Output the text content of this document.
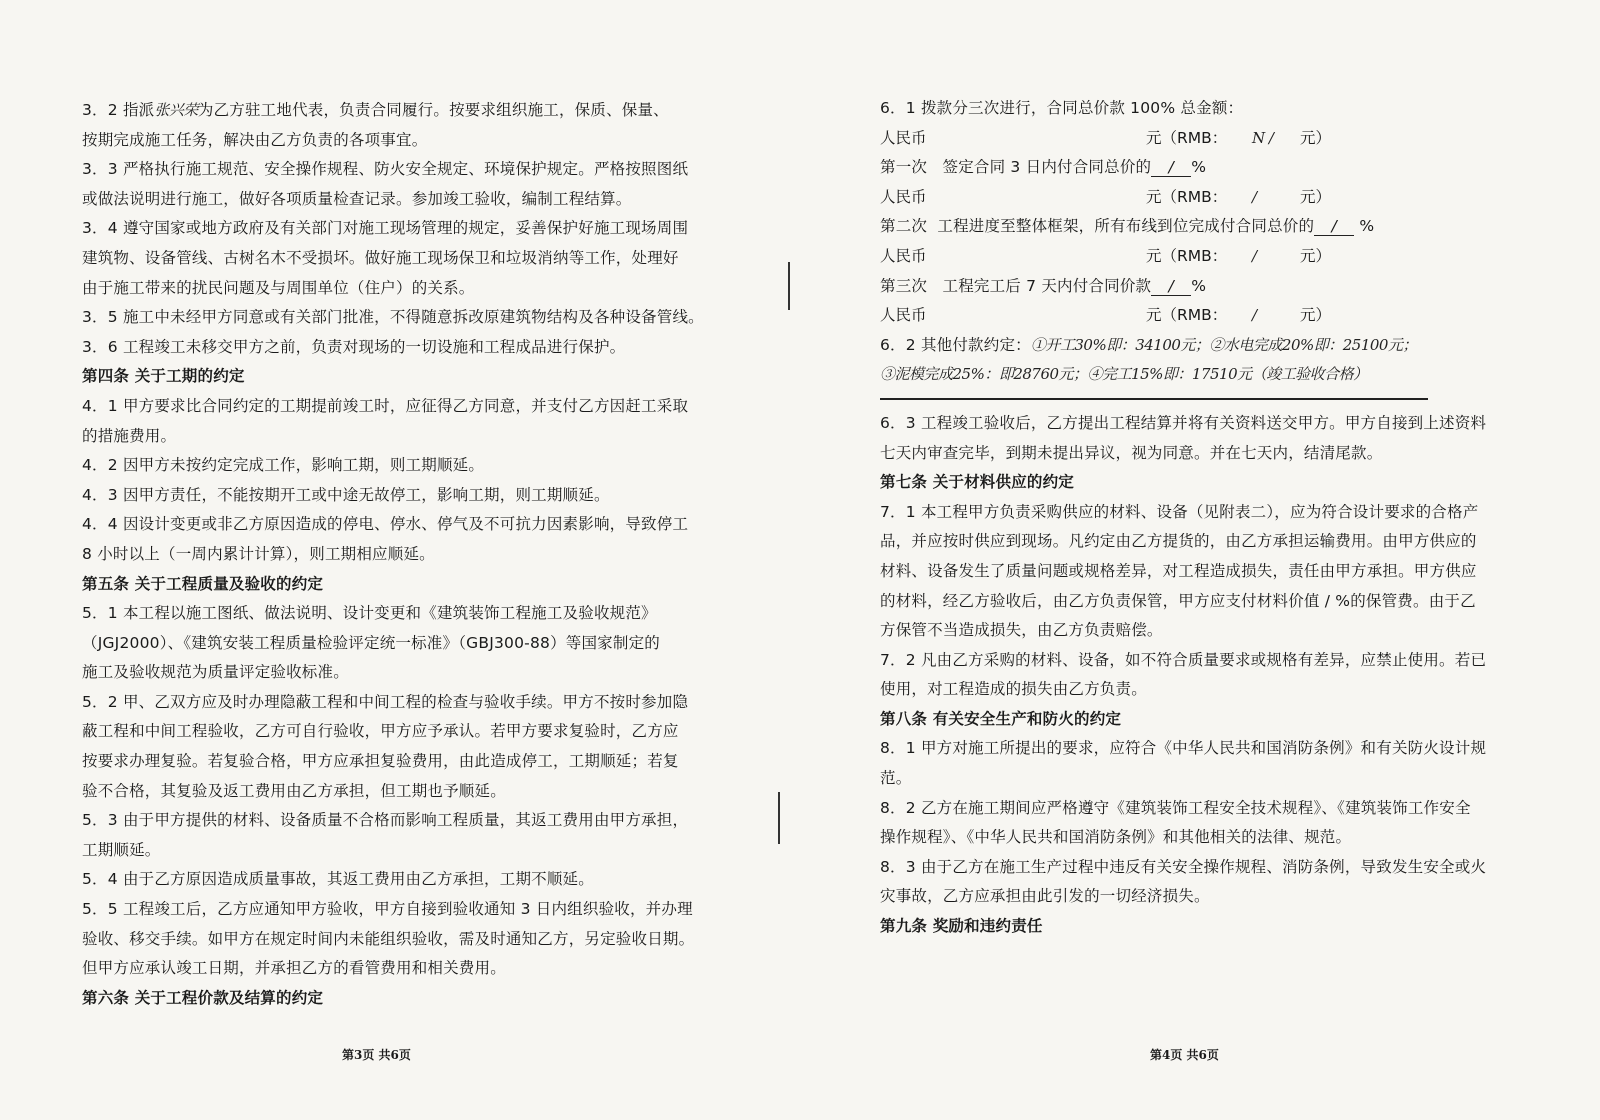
3．2 指派张兴荣为乙方驻工地代表，负责合同履行。按要求组织施工，保质、保量、
按期完成施工任务，解决由乙方负责的各项事宜。
3．3 严格执行施工规范、安全操作规程、防火安全规定、环境保护规定。严格按照图纸
或做法说明进行施工，做好各项质量检查记录。参加竣工验收，编制工程结算。
3．4 遵守国家或地方政府及有关部门对施工现场管理的规定，妥善保护好施工现场周围
建筑物、设备管线、古树名木不受损坏。做好施工现场保卫和垃圾消纳等工作，处理好
由于施工带来的扰民问题及与周围单位（住户）的关系。
3．5 施工中未经甲方同意或有关部门批准，不得随意拆改原建筑物结构及各种设备管线。
3．6 工程竣工未移交甲方之前，负责对现场的一切设施和工程成品进行保护。
第四条 关于工期的约定
4．1 甲方要求比合同约定的工期提前竣工时，应征得乙方同意，并支付乙方因赶工采取
的措施费用。
4．2 因甲方未按约定完成工作，影响工期，则工期顺延。
4．3 因甲方责任，不能按期开工或中途无故停工，影响工期，则工期顺延。
4．4 因设计变更或非乙方原因造成的停电、停水、停气及不可抗力因素影响，导致停工
8 小时以上（一周内累计计算），则工期相应顺延。
第五条 关于工程质量及验收的约定
5．1 本工程以施工图纸、做法说明、设计变更和《建筑装饰工程施工及验收规范》
（JGJ2000）、《建筑安装工程质量检验评定统一标准》（GBJ300-88）等国家制定的
施工及验收规范为质量评定验收标准。
5．2 甲、乙双方应及时办理隐蔽工程和中间工程的检查与验收手续。甲方不按时参加隐
蔽工程和中间工程验收，乙方可自行验收，甲方应予承认。若甲方要求复验时，乙方应
按要求办理复验。若复验合格，甲方应承担复验费用，由此造成停工，工期顺延；若复
验不合格，其复验及返工费用由乙方承担，但工期也予顺延。
5．3 由于甲方提供的材料、设备质量不合格而影响工程质量，其返工费用由甲方承担，
工期顺延。
5．4 由于乙方原因造成质量事故，其返工费用由乙方承担，工期不顺延。
5．5 工程竣工后，乙方应通知甲方验收，甲方自接到验收通知 3 日内组织验收，并办理
验收、移交手续。如甲方在规定时间内未能组织验收，需及时通知乙方，另定验收日期。
但甲方应承认竣工日期，并承担乙方的看管费用和相关费用。
第六条 关于工程价款及结算的约定
第3页 共6页
6．1 拨款分三次进行，合同总价款 100% 总金额：
人民币	元（RMB： N / 元）
第一次 签定合同 3 日内付合同总价的 / %
人民币	元（RMB： /	元）
第二次 工程进度至整体框架，所有布线到位完成付合同总价的 / %
人民币	元（RMB： /	元）
第三次 工程完工后 7 天内付合同价款 / %
人民币	元（RMB： /	元）
6．2 其他付款约定：①开工30%即：34100元；②水电完成20%即：25100元；
③泥模完成25%：即28760元；④完工15%即：17510元（竣工验收合格）
6．3 工程竣工验收后，乙方提出工程结算并将有关资料送交甲方。甲方自接到上述资料
七天内审查完毕，到期未提出异议，视为同意。并在七天内，结清尾款。
第七条 关于材料供应的约定
7．1 本工程甲方负责采购供应的材料、设备（见附表二），应为符合设计要求的合格产
品，并应按时供应到现场。凡约定由乙方提货的，由乙方承担运输费用。由甲方供应的
材料、设备发生了质量问题或规格差异，对工程造成损失，责任由甲方承担。甲方供应
的材料，经乙方验收后，由乙方负责保管，甲方应支付材料价值 / %的保管费。由于乙
方保管不当造成损失，由乙方负责赔偿。
7．2 凡由乙方采购的材料、设备，如不符合质量要求或规格有差异，应禁止使用。若已
使用，对工程造成的损失由乙方负责。
第八条 有关安全生产和防火的约定
8．1 甲方对施工所提出的要求，应符合《中华人民共和国消防条例》和有关防火设计规
范。
8．2 乙方在施工期间应严格遵守《建筑装饰工程安全技术规程》、《建筑装饰工作安全
操作规程》、《中华人民共和国消防条例》和其他相关的法律、规范。
8．3 由于乙方在施工生产过程中违反有关安全操作规程、消防条例，导致发生安全或火
灾事故，乙方应承担由此引发的一切经济损失。
第九条 奖励和违约责任
第4页 共6页
